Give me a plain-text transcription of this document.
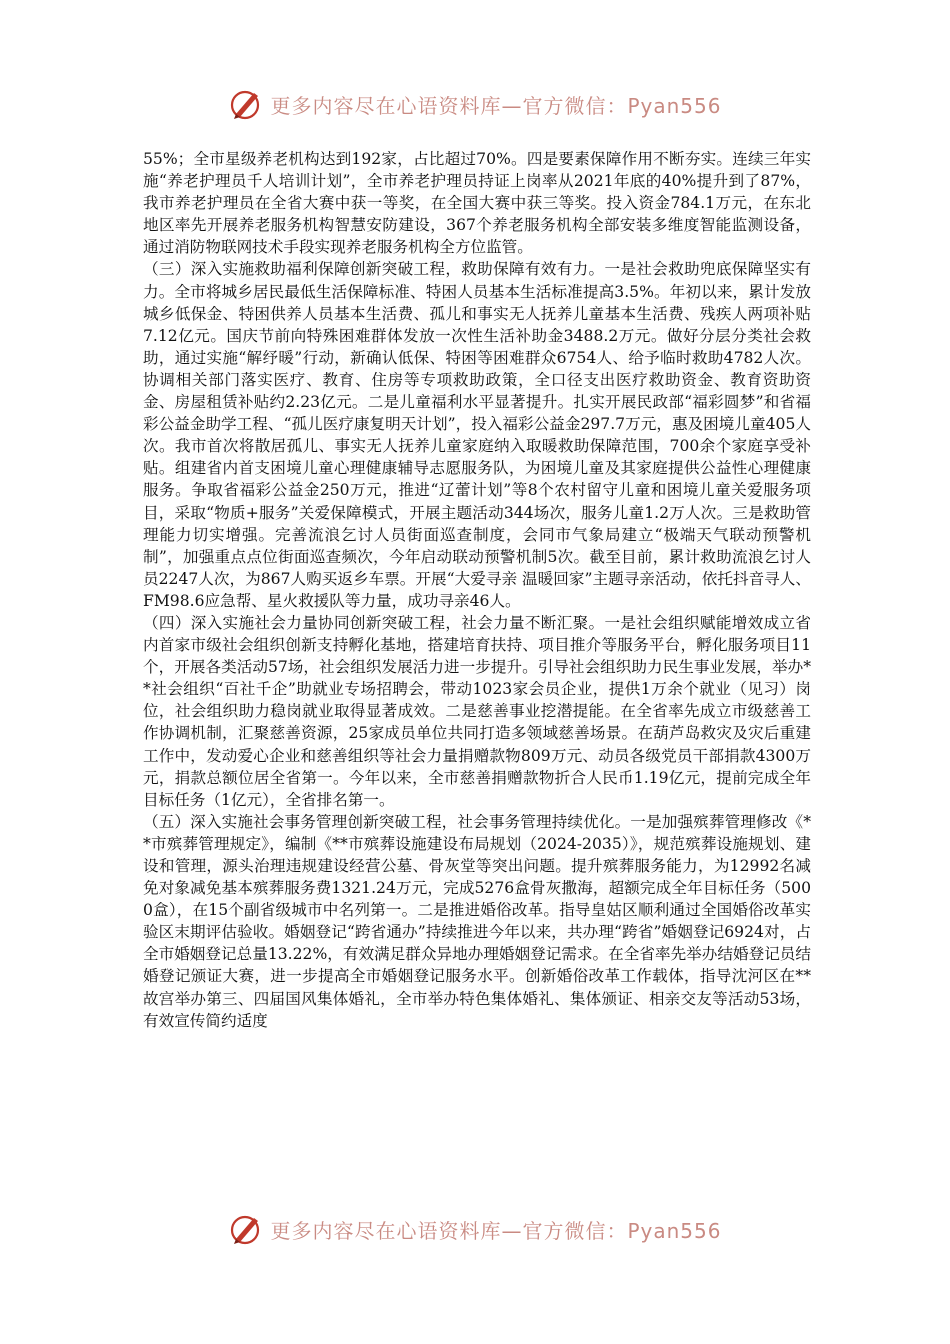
更多内容尽在心语资料库—官方微信：Pyan556

55%；全市星级养老机构达到192家，占比超过70%。四是要素保障作用不断夯实。连续三年实施“养老护理员千人培训计划”，全市养老护理员持证上岗率从2021年底的40%提升到了87%，我市养老护理员在全省大赛中获一等奖，在全国大赛中获三等奖。投入资金784.1万元，在东北地区率先开展养老服务机构智慧安防建设，367个养老服务机构全部安装多维度智能监测设备，通过消防物联网技术手段实现养老服务机构全方位监管。

（三）深入实施救助福利保障创新突破工程，救助保障有效有力。一是社会救助兜底保障坚实有力。全市将城乡居民最低生活保障标准、特困人员基本生活标准提高3.5%。年初以来，累计发放城乡低保金、特困供养人员基本生活费、孤儿和事实无人抚养儿童基本生活费、残疾人两项补贴7.12亿元。国庆节前向特殊困难群体发放一次性生活补助金3488.2万元。做好分层分类社会救助，通过实施“解纾暖”行动，新确认低保、特困等困难群众6754人、给予临时救助4782人次。协调相关部门落实医疗、教育、住房等专项救助政策，全口径支出医疗救助资金、教育资助资金、房屋租赁补贴约2.23亿元。二是儿童福利水平显著提升。扎实开展民政部“福彩圆梦”和省福彩公益金助学工程、“孤儿医疗康复明天计划”，投入福彩公益金297.7万元，惠及困境儿童405人次。我市首次将散居孤儿、事实无人抚养儿童家庭纳入取暖救助保障范围，700余个家庭享受补贴。组建省内首支困境儿童心理健康辅导志愿服务队，为困境儿童及其家庭提供公益性心理健康服务。争取省福彩公益金250万元，推进“辽蕾计划”等8个农村留守儿童和困境儿童关爱服务项目，采取“物质+服务”关爱保障模式，开展主题活动344场次，服务儿童1.2万人次。三是救助管理能力切实增强。完善流浪乞讨人员街面巡查制度，会同市气象局建立“极端天气联动预警机制”，加强重点点位街面巡查频次，今年启动联动预警机制5次。截至目前，累计救助流浪乞讨人员2247人次，为867人购买返乡车票。开展“大爱寻亲 温暖回家”主题寻亲活动，依托抖音寻人、FM98.6应急帮、星火救援队等力量，成功寻亲46人。

（四）深入实施社会力量协同创新突破工程，社会力量不断汇聚。一是社会组织赋能增效成立省内首家市级社会组织创新支持孵化基地，搭建培育扶持、项目推介等服务平台，孵化服务项目11个，开展各类活动57场，社会组织发展活力进一步提升。引导社会组织助力民生事业发展，举办**社会组织“百社千企”助就业专场招聘会，带动1023家会员企业，提供1万余个就业（见习）岗位，社会组织助力稳岗就业取得显著成效。二是慈善事业挖潜提能。在全省率先成立市级慈善工作协调机制，汇聚慈善资源，25家成员单位共同打造多领域慈善场景。在葫芦岛救灾及灾后重建工作中，发动爱心企业和慈善组织等社会力量捐赠款物809万元、动员各级党员干部捐款4300万元，捐款总额位居全省第一。今年以来，全市慈善捐赠款物折合人民币1.19亿元，提前完成全年目标任务（1亿元），全省排名第一。

（五）深入实施社会事务管理创新突破工程，社会事务管理持续优化。一是加强殡葬管理修改《**市殡葬管理规定》，编制《**市殡葬设施建设布局规划（2024-2035）》，规范殡葬设施规划、建设和管理，源头治理违规建设经营公墓、骨灰堂等突出问题。提升殡葬服务能力，为12992名减免对象减免基本殡葬服务费1321.24万元，完成5276盒骨灰撒海，超额完成全年目标任务（5000盒），在15个副省级城市中名列第一。二是推进婚俗改革。指导皇姑区顺利通过全国婚俗改革实验区末期评估验收。婚姻登记“跨省通办”持续推进今年以来，共办理“跨省”婚姻登记6924对，占全市婚姻登记总量13.22%，有效满足群众异地办理婚姻登记需求。在全省率先举办结婚登记员结婚登记颁证大赛，进一步提高全市婚姻登记服务水平。创新婚俗改革工作载体，指导沈河区在**故宫举办第三、四届国风集体婚礼，全市举办特色集体婚礼、集体颁证、相亲交友等活动53场，有效宣传简约适度

更多内容尽在心语资料库—官方微信：Pyan556
